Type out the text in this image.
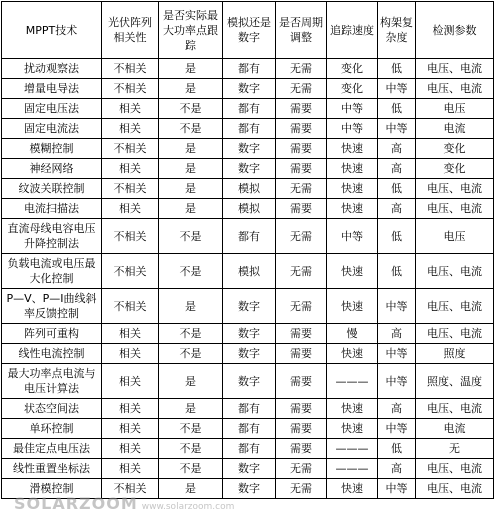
MPPT技术	光伏阵列相关性	是否实际最大功率点跟踪	模拟还是数字	是否周期调整	追踪速度	构架复杂度	检测参数
扰动观察法	不相关	是	都有	无需	变化	低	电压、电流
增量电导法	不相关	是	数字	无需	变化	中等	电压、电流
固定电压法	相关	不是	都有	需要	中等	低	电压
固定电流法	相关	不是	都有	需要	中等	中等	电流
模糊控制	不相关	是	数字	需要	快速	高	变化
神经网络	相关	是	数字	需要	快速	高	变化
纹波关联控制	不相关	是	模拟	无需	快速	低	电压、电流
电流扫描法	相关	是	模拟	需要	快速	高	电压、电流
直流母线电容电压升降控制法	不相关	不是	都有	无需	中等	低	电压
负载电流或电压最大化控制	不相关	不是	模拟	无需	快速	低	电压、电流
P—V、P—I曲线斜率反馈控制	不相关	是	数字	无需	快速	中等	电压、电流
阵列可重构	相关	不是	数字	需要	慢	高	电压、电流
线性电流控制	相关	不是	数字	需要	快速	中等	照度
最大功率点电流与电压计算法	相关	是	数字	需要	———	中等	照度、温度
状态空间法	相关	是	都有	需要	快速	高	电压、电流
单环控制	相关	不是	都有	需要	快速	中等	电流
最佳定点电压法	相关	不是	都有	需要	———	低	无
线性重置坐标法	相关	不是	数字	无需	———	高	电压、电流
滑模控制	不相关	是	数字	无需	快速	中等	电压、电流
SOLARZOOM www.solarzoom.com
